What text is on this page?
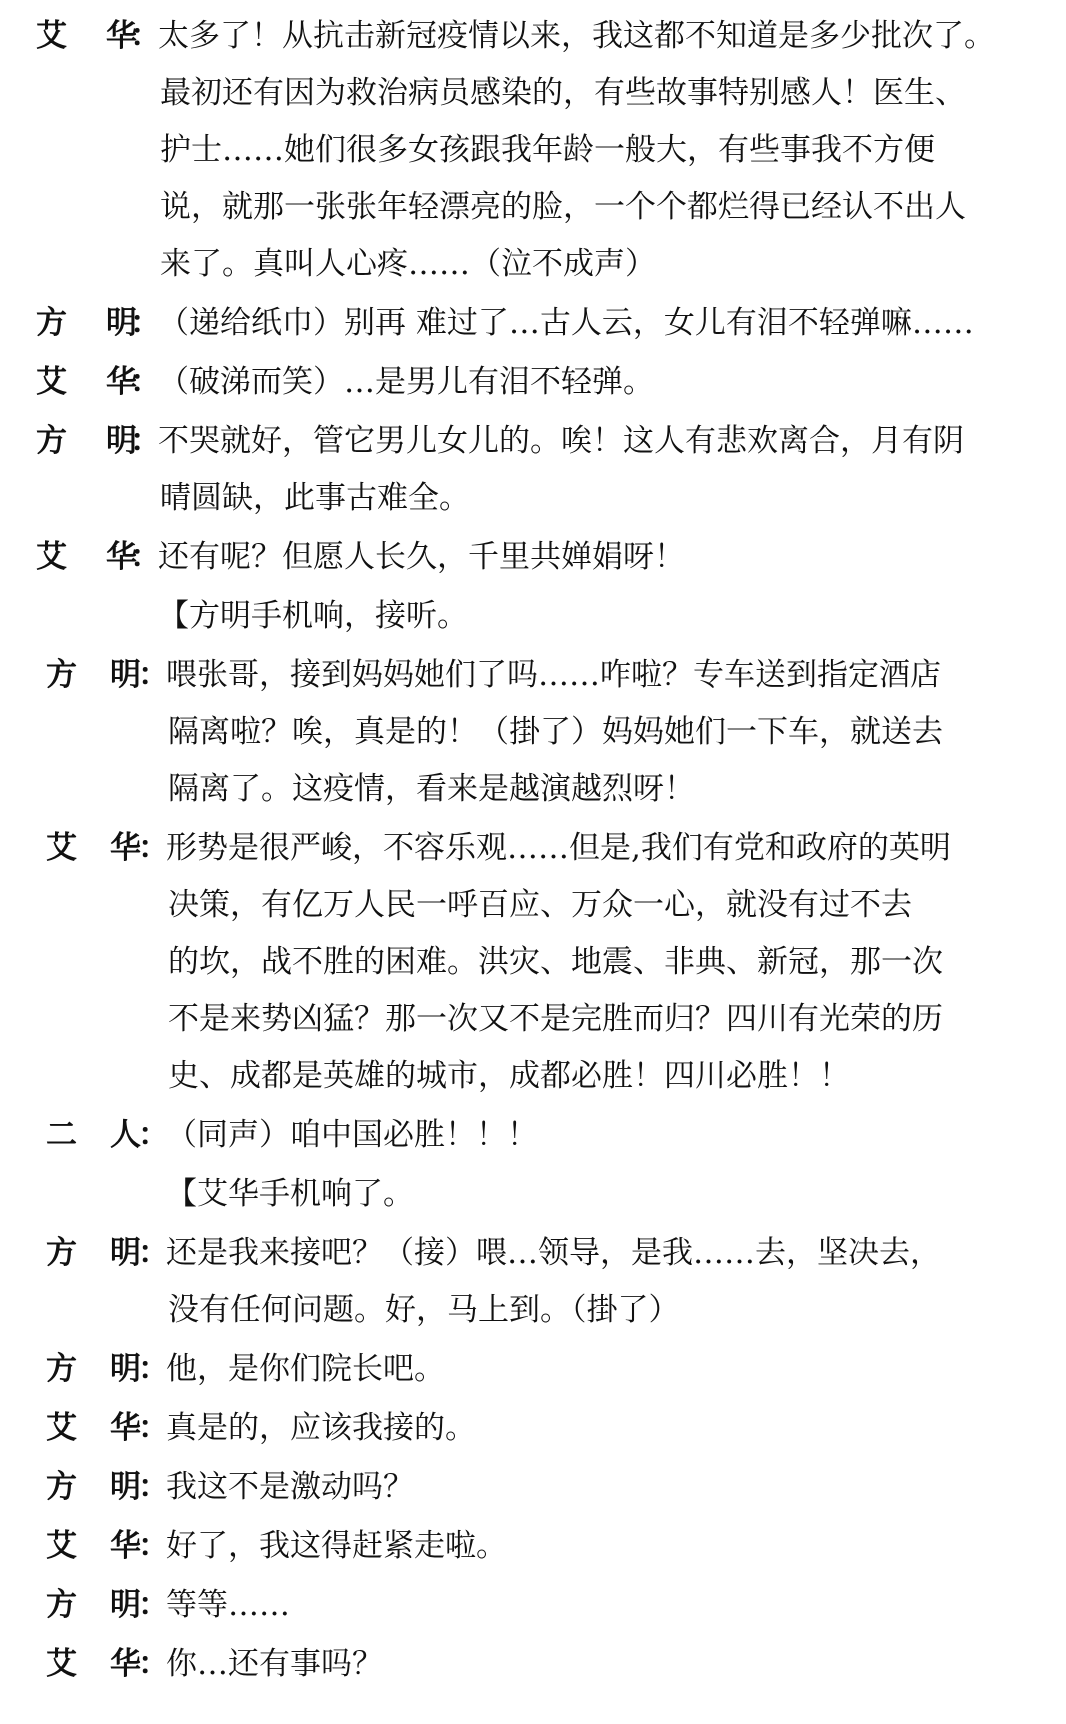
艾 华
：
太多了！从抗击新冠疫情以来，我这都不知道是多少批次了。
最初还有因为救治病员感染的，有些故事特别感人！医生、
护士……她们很多女孩跟我年龄一般大，有些事我不方便
说，就那一张张年轻漂亮的脸，一个个都烂得已经认不出人
来了。真叫人心疼……（泣不成声）
方 明
：
（递给纸巾）别再 难过了…古人云，女儿有泪不轻弹嘛……
艾 华
：
（破涕而笑）…是男儿有泪不轻弹。
方 明
：
不哭就好，管它男儿女儿的。唉！这人有悲欢离合，月有阴
晴圆缺，此事古难全。
艾 华
：
还有呢？但愿人长久，千里共婵娟呀！
【方明手机响，接听。
方 明
：
喂张哥，接到妈妈她们了吗……咋啦？专车送到指定酒店
隔离啦？唉，真是的！（掛了）妈妈她们一下车，就送去
隔离了。这疫情，看来是越演越烈呀！
艾 华
：
形势是很严峻，不容乐观……但是,我们有党和政府的英明
决策，有亿万人民一呼百应、万众一心，就没有过不去
的坎，战不胜的困难。洪灾、地震、非典、新冠，那一次
不是来势凶猛？那一次又不是完胜而归？四川有光荣的历
史、成都是英雄的城市，成都必胜！四川必胜！！
二 人
：
（同声）咱中国必胜！！！
【艾华手机响了。
方 明
：
还是我来接吧？（接）喂…领导，是我……去，坚决去，
没有任何问题。好，马上到。（掛了）
方 明
：
他，是你们院长吧。
艾 华
：
真是的，应该我接的。
方 明
：
我这不是激动吗？
艾 华
：
好了，我这得赶紧走啦。
方 明
：
等等……
艾 华
：
你…还有事吗？
